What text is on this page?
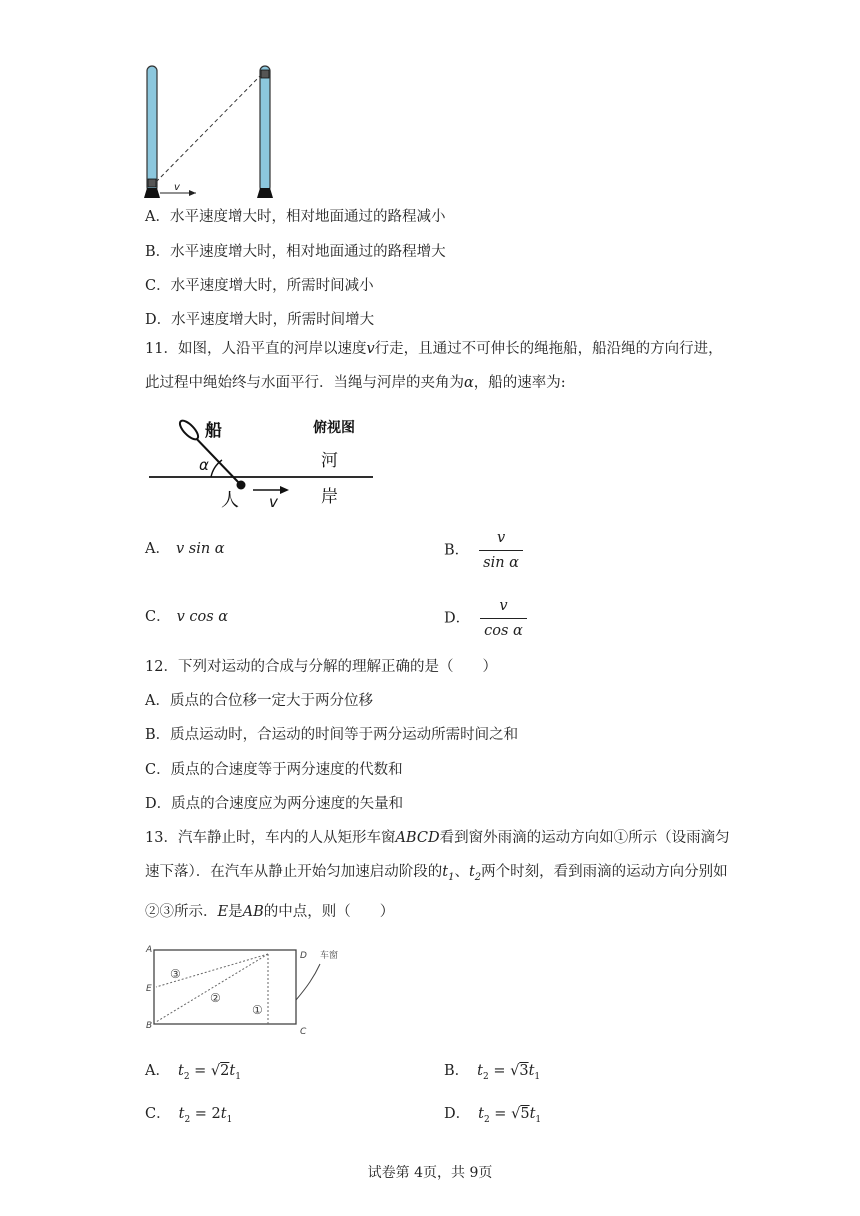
v
A．水平速度增大时，相对地面通过的路程减小
B．水平速度增大时，相对地面通过的路程增大
C．水平速度增大时，所需时间减小
D．水平速度增大时，所需时间增大
11．如图，人沿平直的河岸以速度v行走，且通过不可伸长的绳拖船，船沿绳的方向行进，此过程中绳始终与水面平行．当绳与河岸的夹角为α，船的速率为:
船	俯视图
河
岸
人
α
v
A． v sin α	B． $\frac{v}{\text{sin α}}$
C． v cos α	D． $\frac{v}{\text{cos α}}$
12．下列对运动的合成与分解的理解正确的是（　　）
A．质点的合位移一定大于两分位移
B．质点运动时，合运动的时间等于两分运动所需时间之和
C．质点的合速度等于两分速度的代数和
D．质点的合速度应为两分速度的矢量和
13．汽车静止时，车内的人从矩形车窗ABCD看到窗外雨滴的运动方向如①所示（设雨滴匀速下落）．在汽车从静止开始匀加速启动阶段的$t_1$、$t_2$两个时刻，看到雨滴的运动方向分别如②③所示．E是AB的中点，则（　　）
A
E
B
D
C
③
②
①
车窗
A． $t_2 = √2t_1$	B． $t_2 = √3t_1$
C． $t_2 = 2t_1$	D． $t_2 = √5t_1$
试卷第 4页，共 9页
